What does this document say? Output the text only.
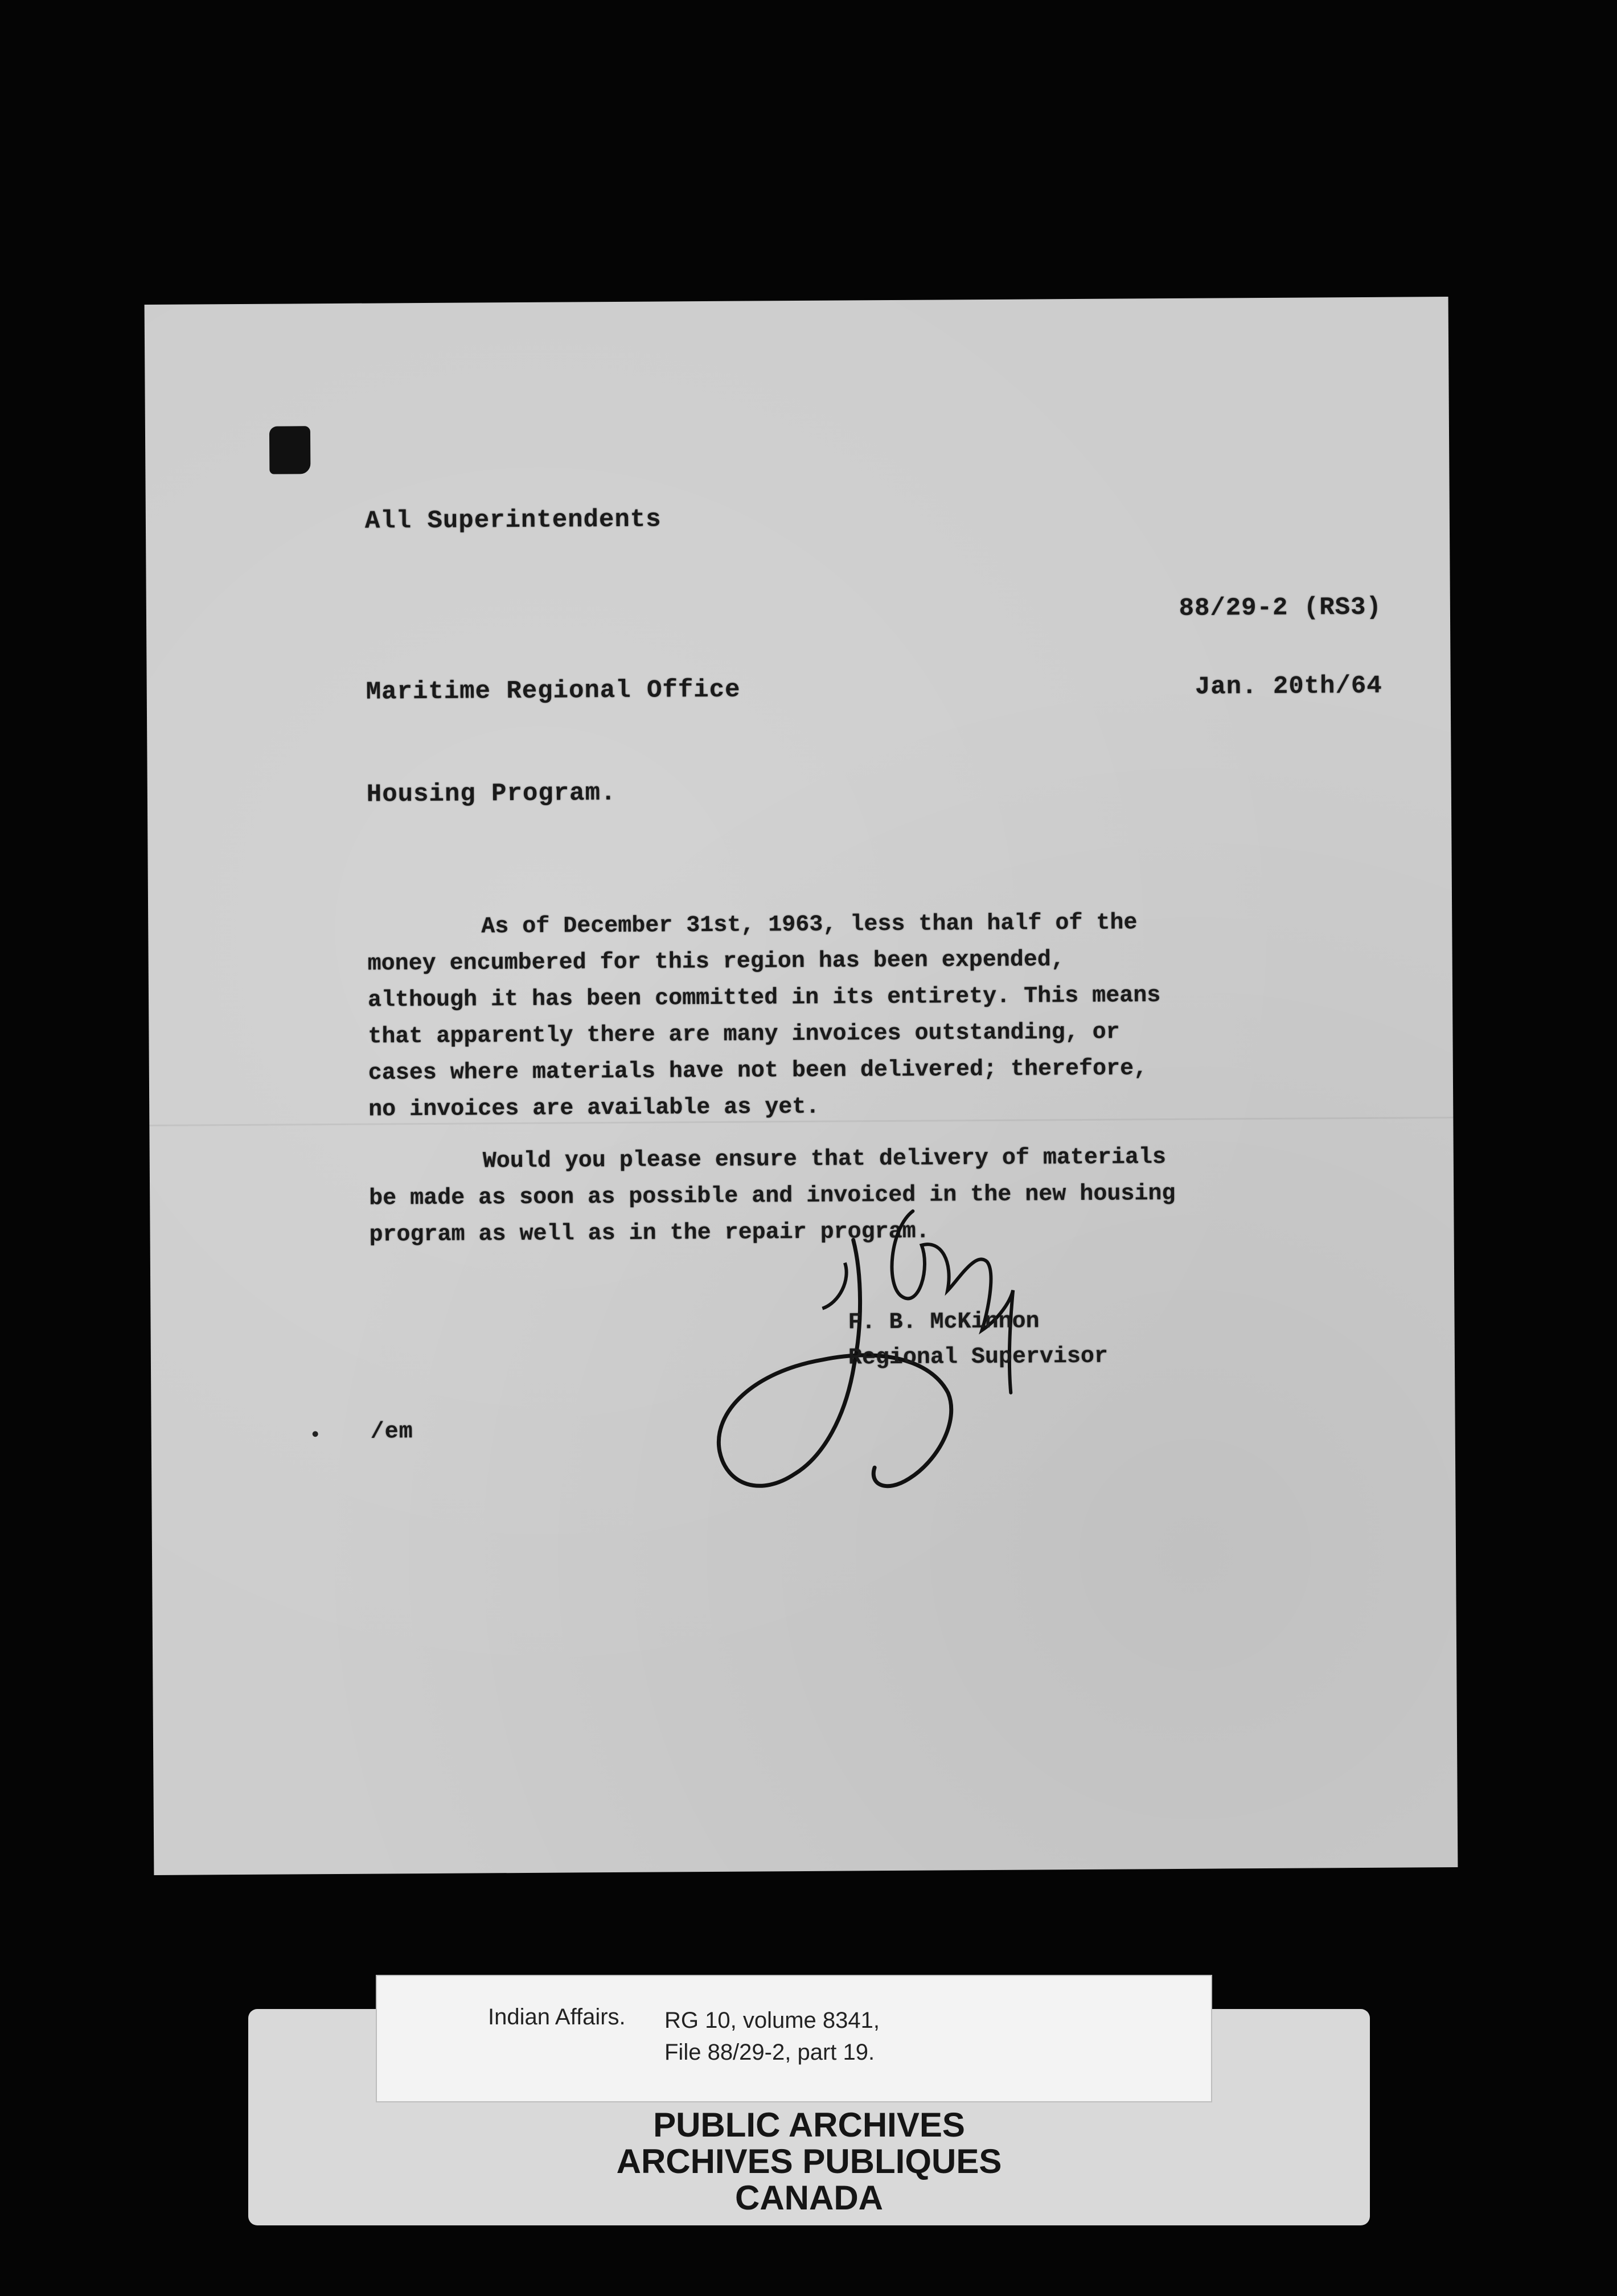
All Superintendents
88/29-2 (RS3)
Maritime Regional Office	Jan. 20th/64
Housing Program.

As of December 31st, 1963, less than half of the money encumbered for this region has been expended, although it has been committed in its entirety. This means that apparently there are many invoices outstanding, or cases where materials have not been delivered; therefore, no invoices are available as yet.

Would you please ensure that delivery of materials be made as soon as possible and invoiced in the new housing program as well as in the repair program.

F. B. McKinnon
Regional Supervisor
/em
Indian Affairs. RG 10, volume 8341,
File 88/29-2, part 19.
PUBLIC ARCHIVES
ARCHIVES PUBLIQUES
CANADA
